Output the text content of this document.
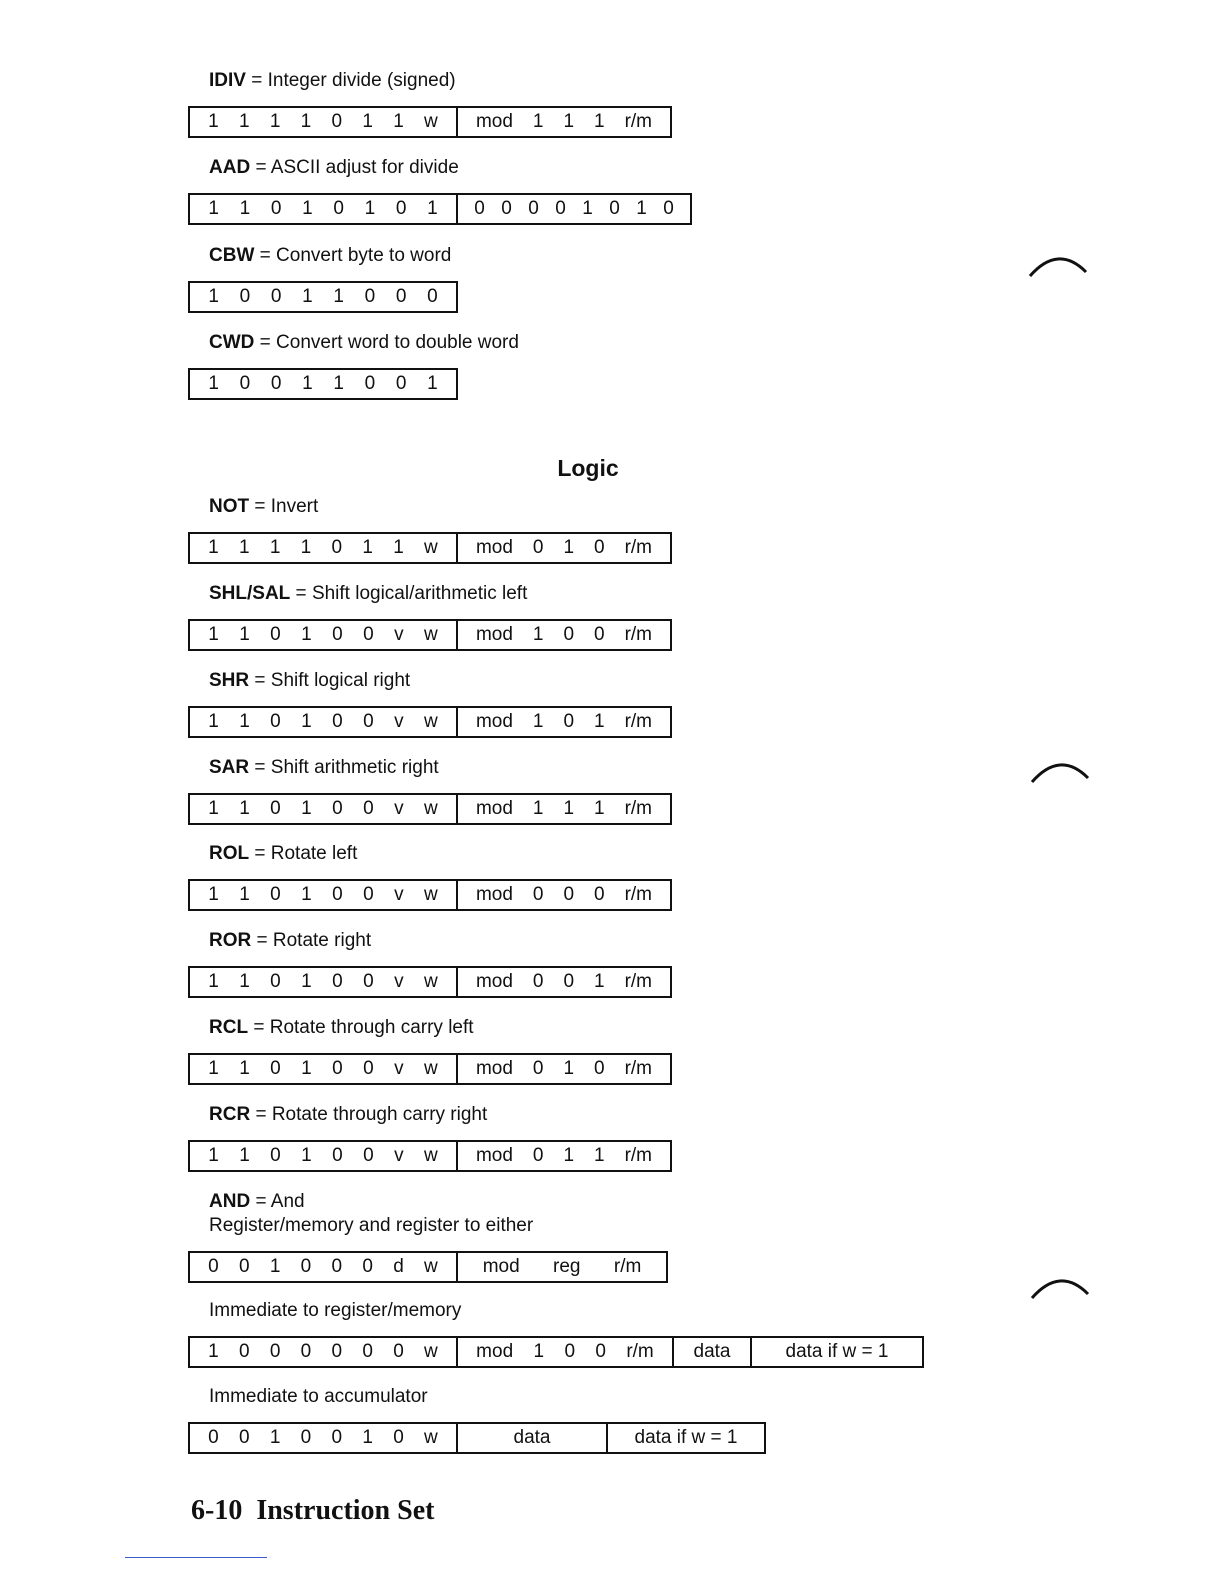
Logic
6-10 Instruction Set
IDIV = Integer divide (signed)
1 1 1 1 0 1 1 w mod 1 1 1 r/m
AAD = ASCII adjust for divide
1 1 0 1 0 1 0 1 0 0 0 0 1 0 1 0
CBW = Convert byte to word
1 0 0 1 1 0 0 0
CWD = Convert word to double word
1 0 0 1 1 0 0 1
NOT = Invert
1 1 1 1 0 1 1 w mod 0 1 0 r/m
SHL/SAL = Shift logical/arithmetic left
1 1 0 1 0 0 v w mod 1 0 0 r/m
SHR = Shift logical right
1 1 0 1 0 0 v w mod 1 0 1 r/m
SAR = Shift arithmetic right
1 1 0 1 0 0 v w mod 1 1 1 r/m
ROL = Rotate left
1 1 0 1 0 0 v w mod 0 0 0 r/m
ROR = Rotate right
1 1 0 1 0 0 v w mod 0 0 1 r/m
RCL = Rotate through carry left
1 1 0 1 0 0 v w mod 0 1 0 r/m
RCR = Rotate through carry right
1 1 0 1 0 0 v w mod 0 1 1 r/m
AND = And
Register/memory and register to either
0 0 1 0 0 0 d w mod reg r/m
Immediate to register/memory
1 0 0 0 0 0 0 w mod 1 0 0 r/m data	data if w = 1
Immediate to accumulator
0 0 1 0 0 1 0 w	data	data if w = 1
